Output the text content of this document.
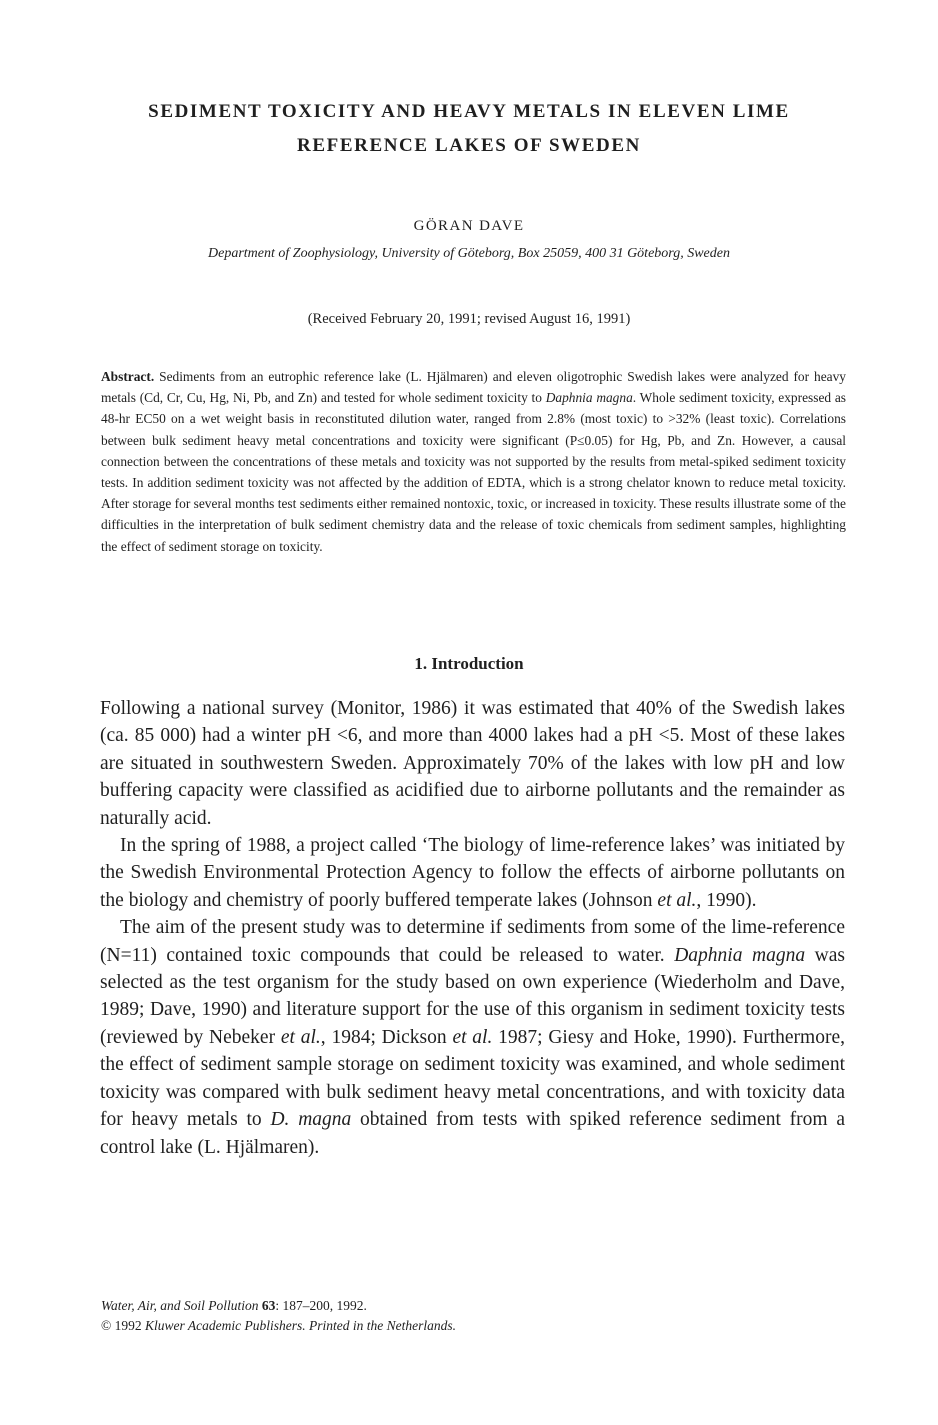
SEDIMENT TOXICITY AND HEAVY METALS IN ELEVEN LIME
REFERENCE LAKES OF SWEDEN
GÖRAN DAVE
Department of Zoophysiology, University of Göteborg, Box 25059, 400 31 Göteborg, Sweden
(Received February 20, 1991; revised August 16, 1991)
Abstract. Sediments from an eutrophic reference lake (L. Hjälmaren) and eleven oligotrophic Swedish lakes were analyzed for heavy metals (Cd, Cr, Cu, Hg, Ni, Pb, and Zn) and tested for whole sediment toxicity to Daphnia magna. Whole sediment toxicity, expressed as 48-hr EC50 on a wet weight basis in reconstituted dilution water, ranged from 2.8% (most toxic) to >32% (least toxic). Correlations between bulk sediment heavy metal concentrations and toxicity were significant (P≤0.05) for Hg, Pb, and Zn. However, a causal connection between the concentrations of these metals and toxicity was not supported by the results from metal-spiked sediment toxicity tests. In addition sediment toxicity was not affected by the addition of EDTA, which is a strong chelator known to reduce metal toxicity. After storage for several months test sediments either remained nontoxic, toxic, or increased in toxicity. These results illustrate some of the difficulties in the interpretation of bulk sediment chemistry data and the release of toxic chemicals from sediment samples, highlighting the effect of sediment storage on toxicity.
1. Introduction

Following a national survey (Monitor, 1986) it was estimated that 40% of the Swedish lakes (ca. 85 000) had a winter pH <6, and more than 4000 lakes had a pH <5. Most of these lakes are situated in southwestern Sweden. Approximately 70% of the lakes with low pH and low buffering capacity were classified as acidified due to airborne pollutants and the remainder as naturally acid.

In the spring of 1988, a project called ‘The biology of lime-reference lakes’ was initiated by the Swedish Environmental Protection Agency to follow the effects of airborne pollutants on the biology and chemistry of poorly buffered temperate lakes (Johnson et al., 1990).

The aim of the present study was to determine if sediments from some of the lime-reference (N=11) contained toxic compounds that could be released to water. Daphnia magna was selected as the test organism for the study based on own experience (Wiederholm and Dave, 1989; Dave, 1990) and literature support for the use of this organism in sediment toxicity tests (reviewed by Nebeker et al., 1984; Dickson et al. 1987; Giesy and Hoke, 1990). Furthermore, the effect of sediment sample storage on sediment toxicity was examined, and whole sediment toxicity was compared with bulk sediment heavy metal concentrations, and with toxicity data for heavy metals to D. magna obtained from tests with spiked reference sediment from a control lake (L. Hjälmaren).

Water, Air, and Soil Pollution 63: 187–200, 1992.
© 1992 Kluwer Academic Publishers. Printed in the Netherlands.
